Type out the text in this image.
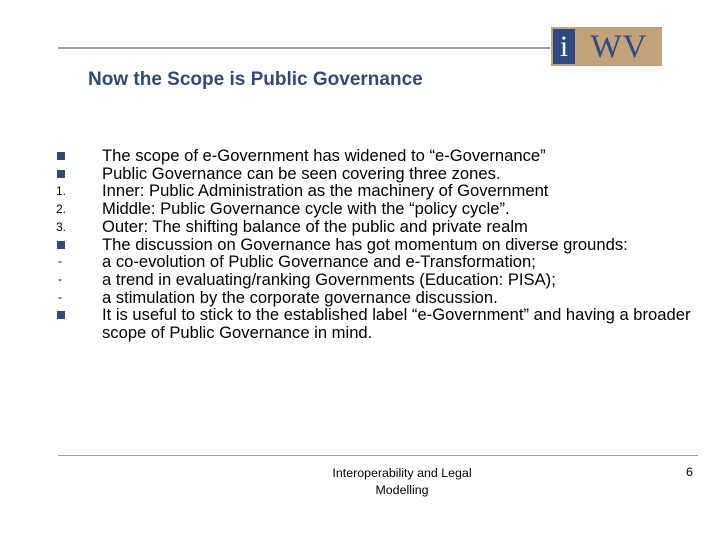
i WV
Now the Scope is Public Governance
The scope of e-Government has widened to “e-Governance”
Public Governance can be seen covering three zones.
1.	Inner: Public Administration as the machinery of Government
2.	Middle: Public Governance cycle with the “policy cycle”.
3.	Outer: The shifting balance of the public and private realm
The discussion on Governance has got momentum on diverse grounds:
-	a co-evolution of Public Governance and e-Transformation;
-	a trend in evaluating/ranking Governments (Education: PISA);
-	a stimulation by the corporate governance discussion.
It is useful to stick to the established label “e-Government” and having a broader scope of Public Governance in mind.
Interoperability and Legal Modelling
6
